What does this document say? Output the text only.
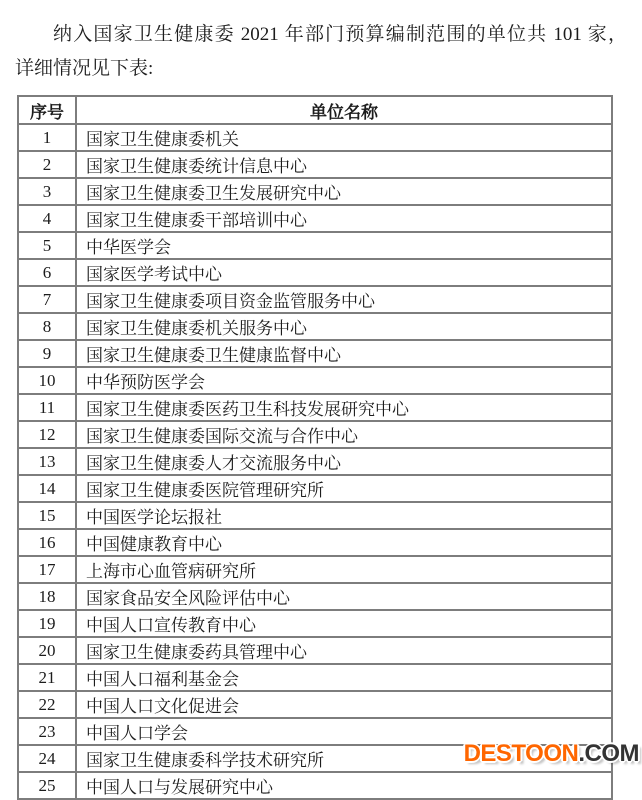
纳入国家卫生健康委 2021 年部门预算编制范围的单位共 101 家，
详细情况见下表:
序号	单位名称
1	国家卫生健康委机关
2	国家卫生健康委统计信息中心
3	国家卫生健康委卫生发展研究中心
4	国家卫生健康委干部培训中心
5	中华医学会
6	国家医学考试中心
7	国家卫生健康委项目资金监管服务中心
8	国家卫生健康委机关服务中心
9	国家卫生健康委卫生健康监督中心
10	中华预防医学会
11	国家卫生健康委医药卫生科技发展研究中心
12	国家卫生健康委国际交流与合作中心
13	国家卫生健康委人才交流服务中心
14	国家卫生健康委医院管理研究所
15	中国医学论坛报社
16	中国健康教育中心
17	上海市心血管病研究所
18	国家食品安全风险评估中心
19	中国人口宣传教育中心
20	国家卫生健康委药具管理中心
21	中国人口福利基金会
22	中国人口文化促进会
23	中国人口学会
24	国家卫生健康委科学技术研究所
25	中国人口与发展研究中心
DESTOON.COM
